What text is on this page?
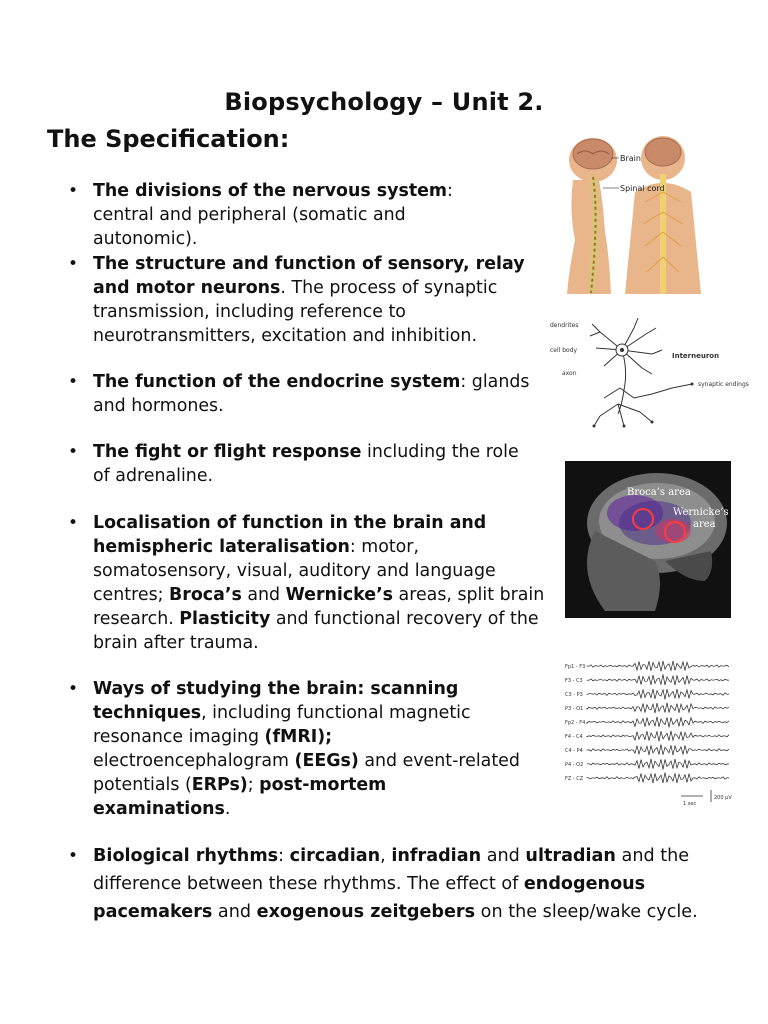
Biopsychology – Unit 2.
The Specification:
• The divisions of the nervous system: central and peripheral (somatic and autonomic).
• The structure and function of sensory, relay and motor neurons. The process of synaptic transmission, including reference to neurotransmitters, excitation and inhibition.
• The function of the endocrine system: glands and hormones.
• The fight or flight response including the role of adrenaline.
• Localisation of function in the brain and hemispheric lateralisation: motor, somatosensory, visual, auditory and language centres; Broca’s and Wernicke’s areas, split brain research. Plasticity and functional recovery of the brain after trauma.
• Ways of studying the brain: scanning techniques, including functional magnetic resonance imaging (fMRI); electroencephalogram (EEGs) and event-related potentials (ERPs); post-mortem examinations.
• Biological rhythms: circadian, infradian and ultradian and the difference between these rhythms. The effect of endogenous pacemakers and exogenous zeitgebers on the sleep/wake cycle.
Brain
Spinal cord
dendrites
cell body
axon
Interneuron
synaptic endings
Broca’s area
Wernicke’s
area
1 sec
200 µV
Fp1 - F3
F3 - C3
C3 - P3
P3 - O1
Fp2 - F4
F4 - C4
C4 - P4
P4 - O2
FZ - CZ
